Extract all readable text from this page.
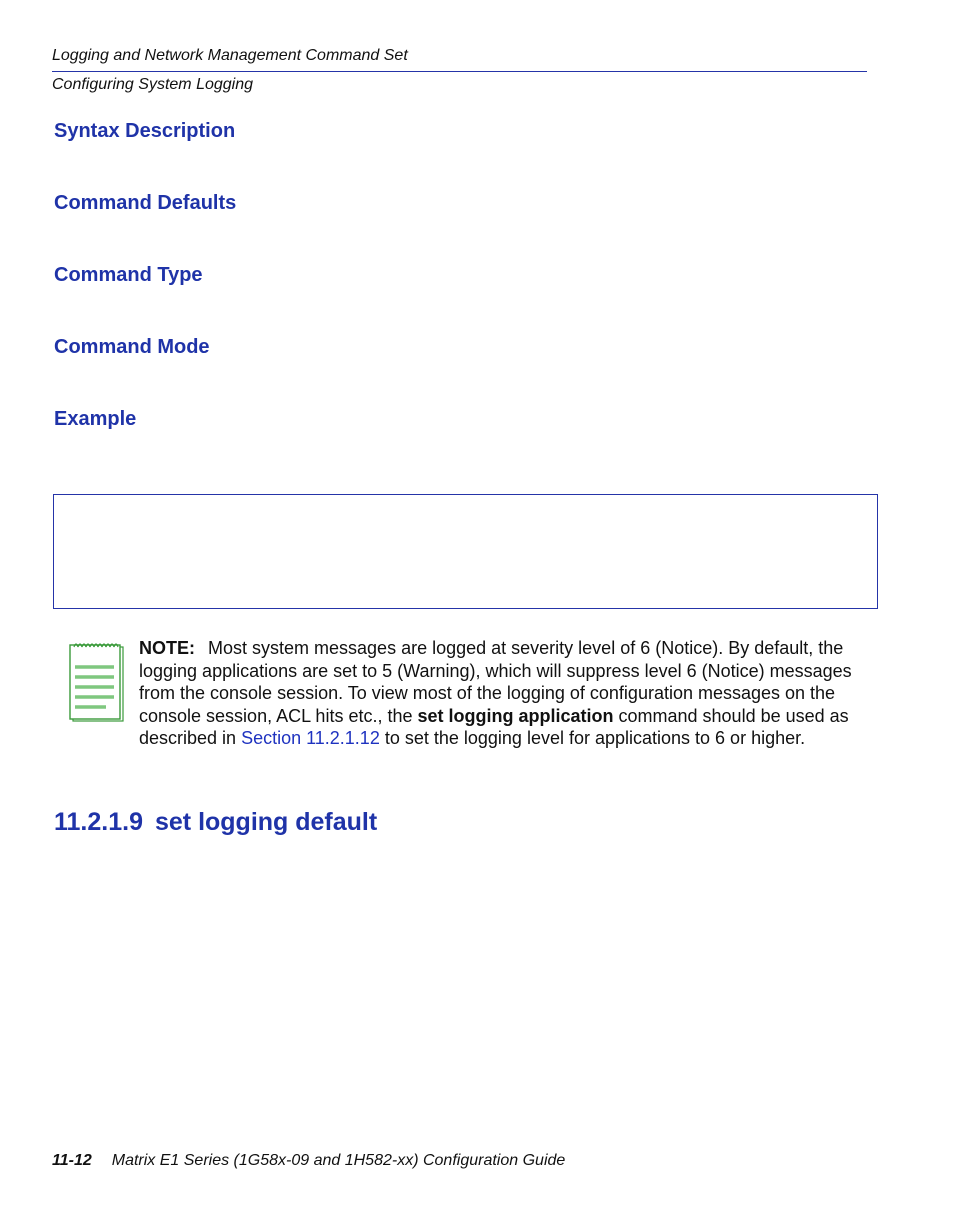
Logging and Network Management Command Set
Configuring System Logging
Syntax Description
Command Defaults
Command Type
Command Mode
Example
NOTE: Most system messages are logged at severity level of 6 (Notice). By default, the logging applications are set to 5 (Warning), which will suppress level 6 (Notice) messages from the console session. To view most of the logging of configuration messages on the console session, ACL hits etc., the set logging application command should be used as described in Section 11.2.1.12 to set the logging level for applications to 6 or higher.
11.2.1.9 set logging default
11-12 Matrix E1 Series (1G58x-09 and 1H582-xx) Configuration Guide
